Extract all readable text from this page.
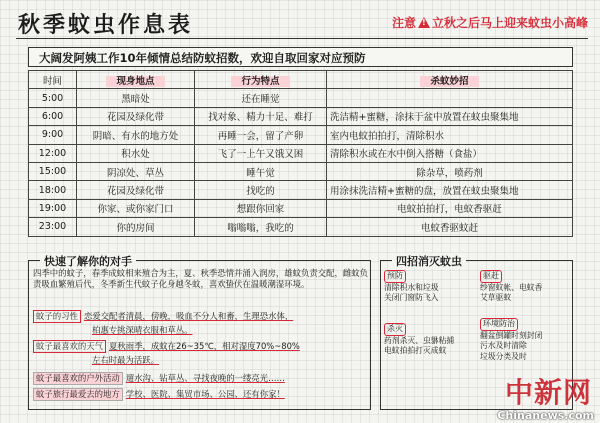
秋季蚊虫作息表	注意 ! 立秋之后马上迎来蚊虫小高峰
大阔发阿姨工作10年倾情总结防蚊招数，欢迎自取回家对应预防
时间	现身地点	行为特点	杀蚊妙招
5:00	黑暗处	还在睡觉	
6:00	花园及绿化带	找对象、精力十足、难打	洗洁精+蜜糖，涂抹于盆中放置在蚊虫聚集地
9:00	阴暗、有水的地方处	再睡一会，留了产卵	室内电蚊拍拍打，清除积水
12:00	积水处	飞了一上午又饿又困	清除积水或在水中倒入搭糖（食盐）
15:00	阴凉处、草丛	睡午觉	除杂草，喷药剂
18:00	花园及绿化带	找吃的	用涂抹洗洁精+蜜糖的盘，放置在蚊虫聚集地
19:00	你家、或你家门口	想跟你回家	电蚊拍拍打，电蚊香驱赶
23:00	你的房间	嗡嗡嗡，我吃的	电蚊香驱蚊赶
快速了解你的对手
四季中的蚊子，春季成蚊相来殖合为主，夏、秋季恐情并涌入润房，雄蚊负责交配，雌蚊负责吸血繁殖后代，冬季新生代蚊子化身越冬蚊，喜欢蛰伏在温暖潮湿环境。
蚊子的习性 恋爱交配者清晨，傍晚，吸血不分人和畜，生理恐水体，
柏惠专挑深晴衣服和草丛。
蚊子最喜欢的天气 夏秋雨季，成蚊在26~35℃，相对湿度70%~80%
左右时最为活跃。
蚊子最喜欢的户外活动 遛水沟、钻草丛、寻找夜晚的一缕亮光……
蚊子旅行最爱去的地方 学校、医院、集贸市场、公园、还有你家！
四招消灭蚊虫
预防
清除积水和垃圾
关闭门窗防飞入
驱赶
纱窗蚊帐、电蚊香
艾草驱蚊
杀灭
药剂杀灭、虫貅粘捕
电蚊拍拍打灭成蚊
环境防治
翻盆倒罐时刻封闭
污水及时清除
垃圾分类及时
中新网
Chinanews.com
